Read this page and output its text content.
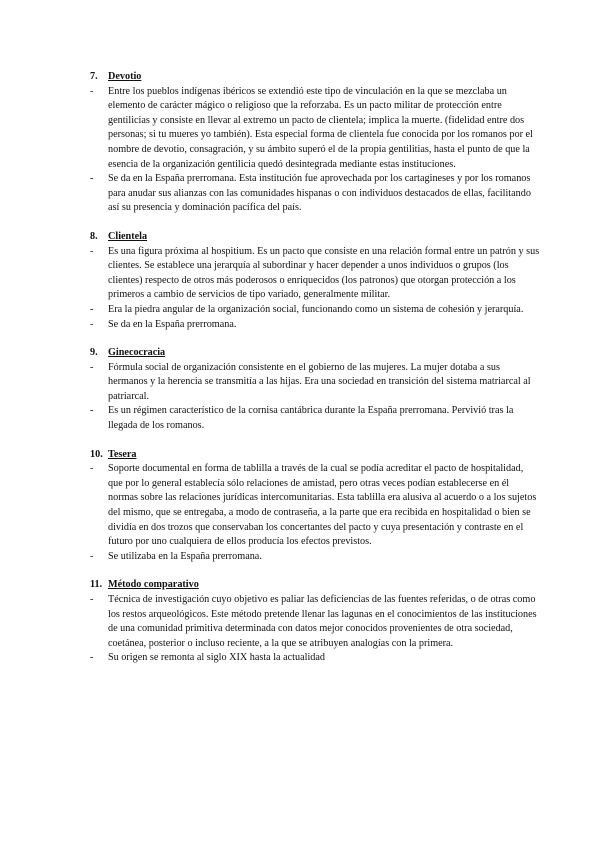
7.	Devotio
- Entre los pueblos indígenas ibéricos se extendió este tipo de vinculación en la que se mezclaba un elemento de carácter mágico o religioso que la reforzaba. Es un pacto militar de protección entre gentilicias y consiste en llevar al extremo un pacto de clientela; implica la muerte. (fidelidad entre dos personas; si tu mueres yo también). Esta especial forma de clientela fue conocida por los romanos por el nombre de devotio, consagración, y su ámbito superó el de la propia gentilitias, hasta el punto de que la esencia de la organización gentilicia quedó desintegrada mediante estas instituciones.
- Se da en la España prerromana. Esta institución fue aprovechada por los cartagineses y por los romanos para anudar sus alianzas con las comunidades hispanas o con individuos destacados de ellas, facilitando así su presencia y dominación pacífica del país.
8.	Clientela
- Es una figura próxima al hospitium. Es un pacto que consiste en una relación formal entre un patrón y sus clientes. Se establece una jerarquía al subordinar y hacer depender a unos individuos o grupos (los clientes) respecto de otros más poderosos o enriquecidos (los patronos) que otorgan protección a los primeros a cambio de servicios de tipo variado, generalmente militar.
- Era la piedra angular de la organización social, funcionando como un sistema de cohesión y jerarquía.
- Se da en la España prerromana.
9.	Ginecocracia
- Fórmula social de organización consistente en el gobierno de las mujeres. La mujer dotaba a sus hermanos y la herencia se transmitía a las hijas. Era una sociedad en transición del sistema matriarcal al patriarcal.
- Es un régimen característico de la cornisa cantábrica durante la España prerromana. Pervivió tras la llegada de los romanos.
10. Tesera
- Soporte documental en forma de tablilla a través de la cual se podía acreditar el pacto de hospitalidad, que por lo general establecía sólo relaciones de amistad, pero otras veces podían establecerse en él normas sobre las relaciones jurídicas intercomunitarias. Esta tablilla era alusiva al acuerdo o a los sujetos del mismo, que se entregaba, a modo de contraseña, a la parte que era recibida en hospitalidad o bien se dividía en dos trozos que conservaban los concertantes del pacto y cuya presentación y contraste en el futuro por uno cualquiera de ellos producía los efectos previstos.
- Se utilizaba en la España prerromana.
11. Método comparativo
- Técnica de investigación cuyo objetivo es paliar las deficiencias de las fuentes referidas, o de otras como los restos arqueológicos. Este método pretende llenar las lagunas en el conocimientos de las instituciones de una comunidad primitiva determinada con datos mejor conocidos provenientes de otra sociedad, coetánea, posterior o incluso reciente, a la que se atribuyen analogías con la primera.
- Su origen se remonta al siglo XIX hasta la actualidad
